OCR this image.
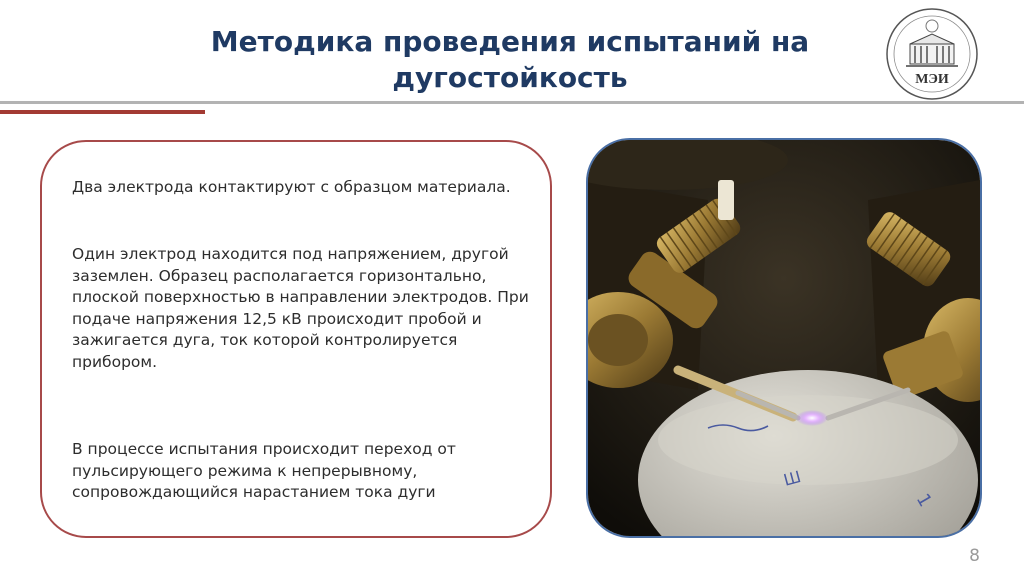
Методика проведения испытаний на
дугостойкость	МЭИ
Два электрода контактируют с образцом материала.
Один электрод находится под напряжением, другой заземлен. Образец располагается горизонтально, плоской поверхностью в направлении электродов. При подаче напряжения 12,5 кВ происходит пробой и зажигается дуга, ток которой контролируется прибором.
В процессе испытания происходит переход от пульсирующего режима к непрерывному, сопровождающийся нарастанием тока дуги
Ш
1
8
